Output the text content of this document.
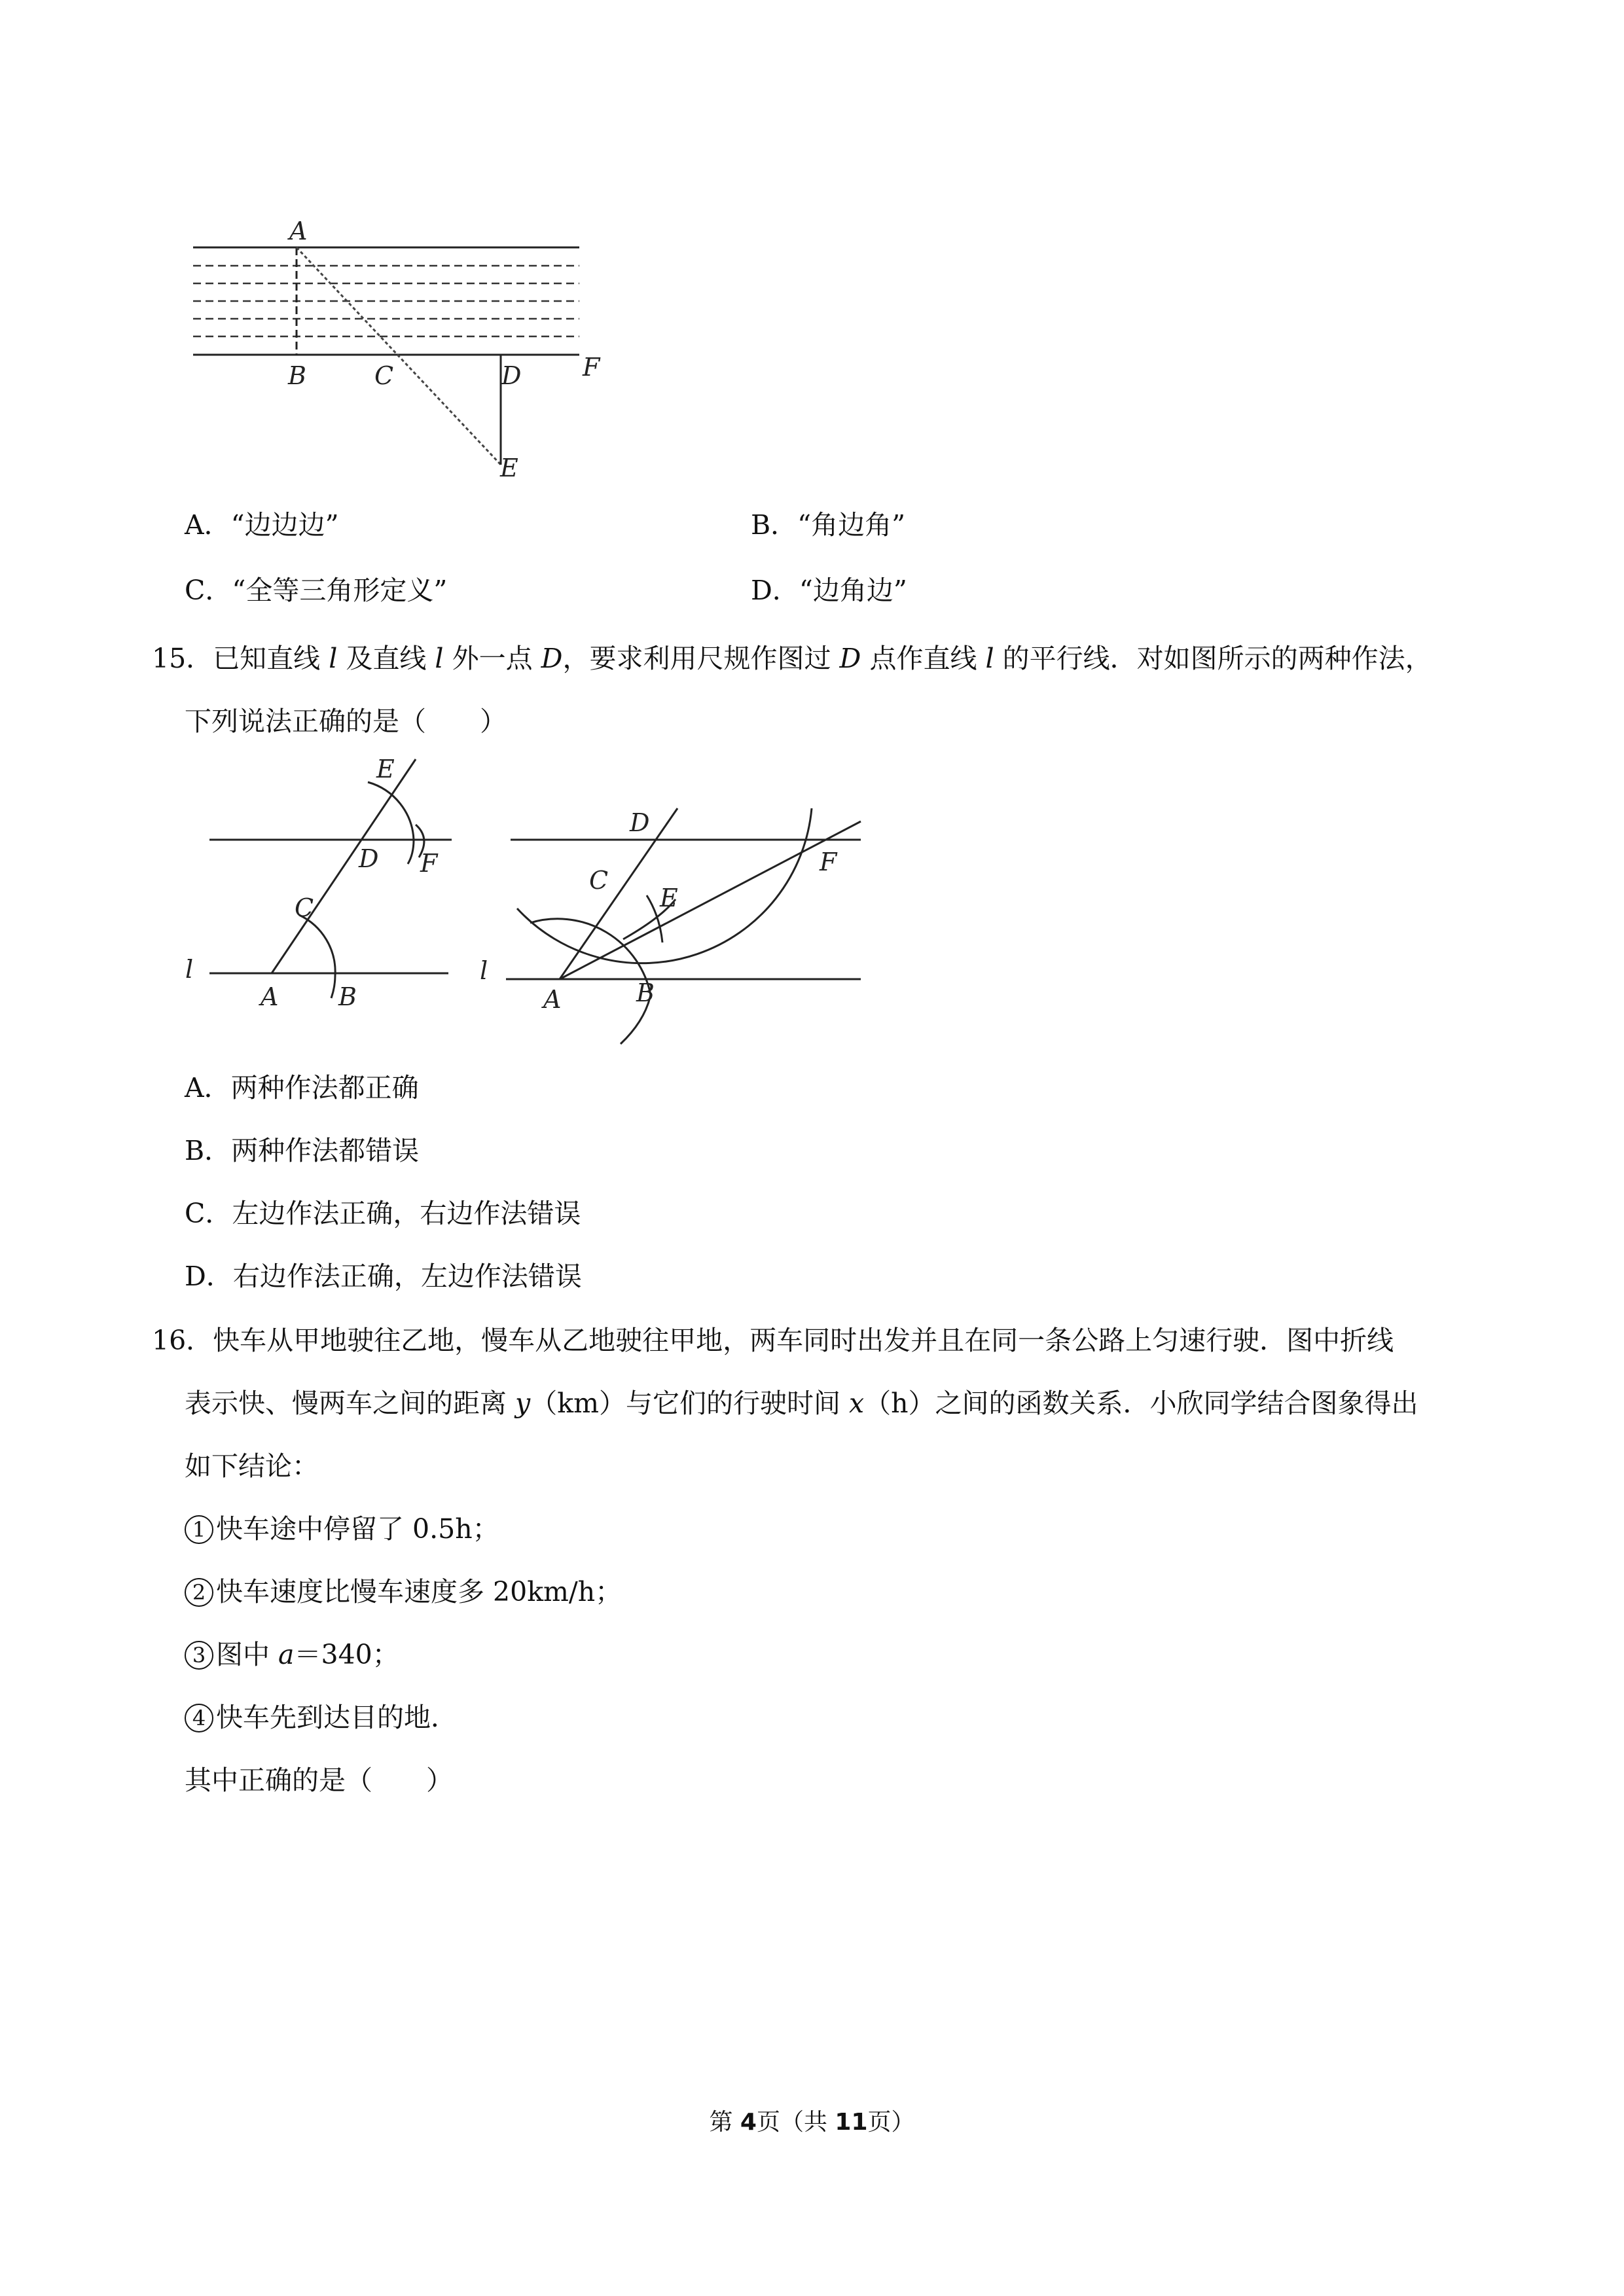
A
B	C	D F
E
A．“边边边”	B．“角边角”
C．“全等三角形定义”	D．“边角边”
15．已知直线 l 及直线 l 外一点 D，要求利用尺规作图过 D 点作直线 l 的平行线．对如图所示的两种作法，
下列说法正确的是（　　）
E
D F
C
l
A B
D
C
E
F
l
A	B
A．两种作法都正确
B．两种作法都错误
C．左边作法正确，右边作法错误
D．右边作法正确，左边作法错误
16．快车从甲地驶往乙地，慢车从乙地驶往甲地，两车同时出发并且在同一条公路上匀速行驶．图中折线
表示快、慢两车之间的距离 y（km）与它们的行驶时间 x（h）之间的函数关系．小欣同学结合图象得出
如下结论：
1 快车途中停留了 0.5h；
2 快车速度比慢车速度多 20km/h；
3 图中 a＝340；
4 快车先到达目的地．
其中正确的是（　　）
第 4页（共 11页）
